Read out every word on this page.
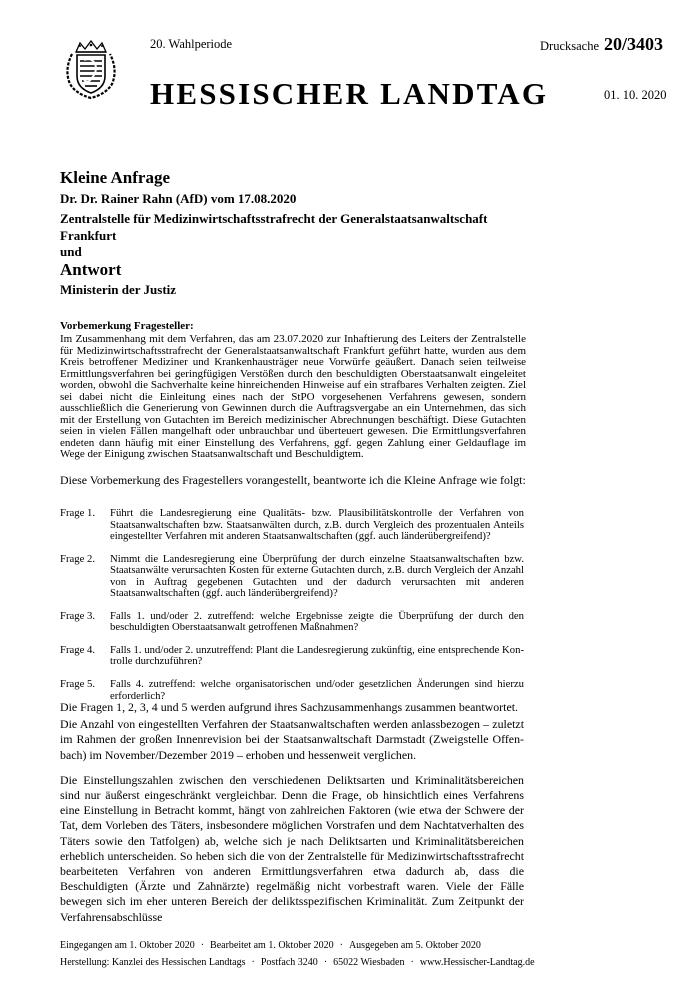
20. Wahlperiode	Drucksache 20/3403
HESSISCHER LANDTAG	01. 10. 2020
Kleine Anfrage
Dr. Dr. Rainer Rahn (AfD) vom 17.08.2020
Zentralstelle für Medizinwirtschaftsstrafrecht der Generalstaatsanwaltschaft Frankfurt
und
Antwort
Ministerin der Justiz
Vorbemerkung Fragesteller:
Im Zusammenhang mit dem Verfahren, das am 23.07.2020 zur Inhaftierung des Leiters der Zentralstelle für Medizinwirtschaftsstrafrecht der Generalstaatsanwaltschaft Frankfurt geführt hatte, wurden aus dem Kreis betroffener Mediziner und Krankenhausträger neue Vorwürfe geäußert. Danach seien teilweise Ermittlungsverfahren bei geringfügigen Verstößen durch den beschuldigten Oberstaatsanwalt eingeleitet worden, obwohl die Sachverhalte keine hinreichenden Hinweise auf ein strafbares Verhalten zeigten. Ziel sei dabei nicht die Einleitung eines nach der StPO vorgesehenen Verfahrens gewesen, sondern ausschließlich die Generierung von Gewinnen durch die Auftragsvergabe an ein Unternehmen, das sich mit der Erstellung von Gutachten im Bereich medizinischer Abrechnungen beschäftigt. Diese Gutachten seien in vielen Fällen mangelhaft oder unbrauchbar und überteuert gewesen. Die Ermittlungsverfahren endeten dann häufig mit einer Einstellung des Verfahrens, ggf. gegen Zahlung einer Geldauflage im Wege der Einigung zwischen Staatsanwaltschaft und Beschuldigtem.
Diese Vorbemerkung des Fragestellers vorangestellt, beantworte ich die Kleine Anfrage wie folgt:
Frage 1.	Führt die Landesregierung eine Qualitäts- bzw. Plausibilitätskontrolle der Verfahren von Staatsanwaltschaften bzw. Staatsanwälten durch, z.B. durch Vergleich des prozentualen Anteils eingestellter Verfahren mit anderen Staatsanwaltschaften (ggf. auch länderübergreifend)?
Frage 2.	Nimmt die Landesregierung eine Überprüfung der durch einzelne Staatsanwaltschaften bzw. Staatsanwälte verursachten Kosten für externe Gutachten durch, z.B. durch Vergleich der Anzahl von in Auftrag gegebenen Gutachten und der dadurch verursachten mit anderen Staatsanwaltschaften (ggf. auch länderübergreifend)?
Frage 3.	Falls 1. und/oder 2. zutreffend: welche Ergebnisse zeigte die Überprüfung der durch den beschuldigten Oberstaatsanwalt getroffenen Maßnahmen?
Frage 4.	Falls 1. und/oder 2. unzutreffend: Plant die Landesregierung zukünftig, eine entsprechende Kontrolle durchzuführen?
Frage 5.	Falls 4. zutreffend: welche organisatorischen und/oder gesetzlichen Änderungen sind hierzu erforderlich?

Die Fragen 1, 2, 3, 4 und 5 werden aufgrund ihres Sachzusammenhangs zusammen beantwortet.

Die Anzahl von eingestellten Verfahren der Staatsanwaltschaften werden anlassbezogen – zuletzt im Rahmen der großen Innenrevision bei der Staatsanwaltschaft Darmstadt (Zweigstelle Offenbach) im November/Dezember 2019 – erhoben und hessenweit verglichen.

Die Einstellungszahlen zwischen den verschiedenen Deliktsarten und Kriminalitätsbereichen sind nur äußerst eingeschränkt vergleichbar. Denn die Frage, ob hinsichtlich eines Verfahrens eine Einstellung in Betracht kommt, hängt von zahlreichen Faktoren (wie etwa der Schwere der Tat, dem Vorleben des Täters, insbesondere möglichen Vorstrafen und dem Nachtatverhalten des Täters sowie den Tatfolgen) ab, welche sich je nach Deliktsarten und Kriminalitätsbereichen erheblich unterscheiden. So heben sich die von der Zentralstelle für Medizinwirtschaftsstrafrecht bearbeiteten Verfahren von anderen Ermittlungsverfahren etwa dadurch ab, dass die Beschuldigten (Ärzte und Zahnärzte) regelmäßig nicht vorbestraft waren. Viele der Fälle bewegen sich im eher unteren Bereich der deliktsspezifischen Kriminalität. Zum Zeitpunkt der Verfahrensabschlüsse

Eingegangen am 1. Oktober 2020 · Bearbeitet am 1. Oktober 2020 · Ausgegeben am 5. Oktober 2020
Herstellung: Kanzlei des Hessischen Landtags · Postfach 3240 · 65022 Wiesbaden · www.Hessischer-Landtag.de
